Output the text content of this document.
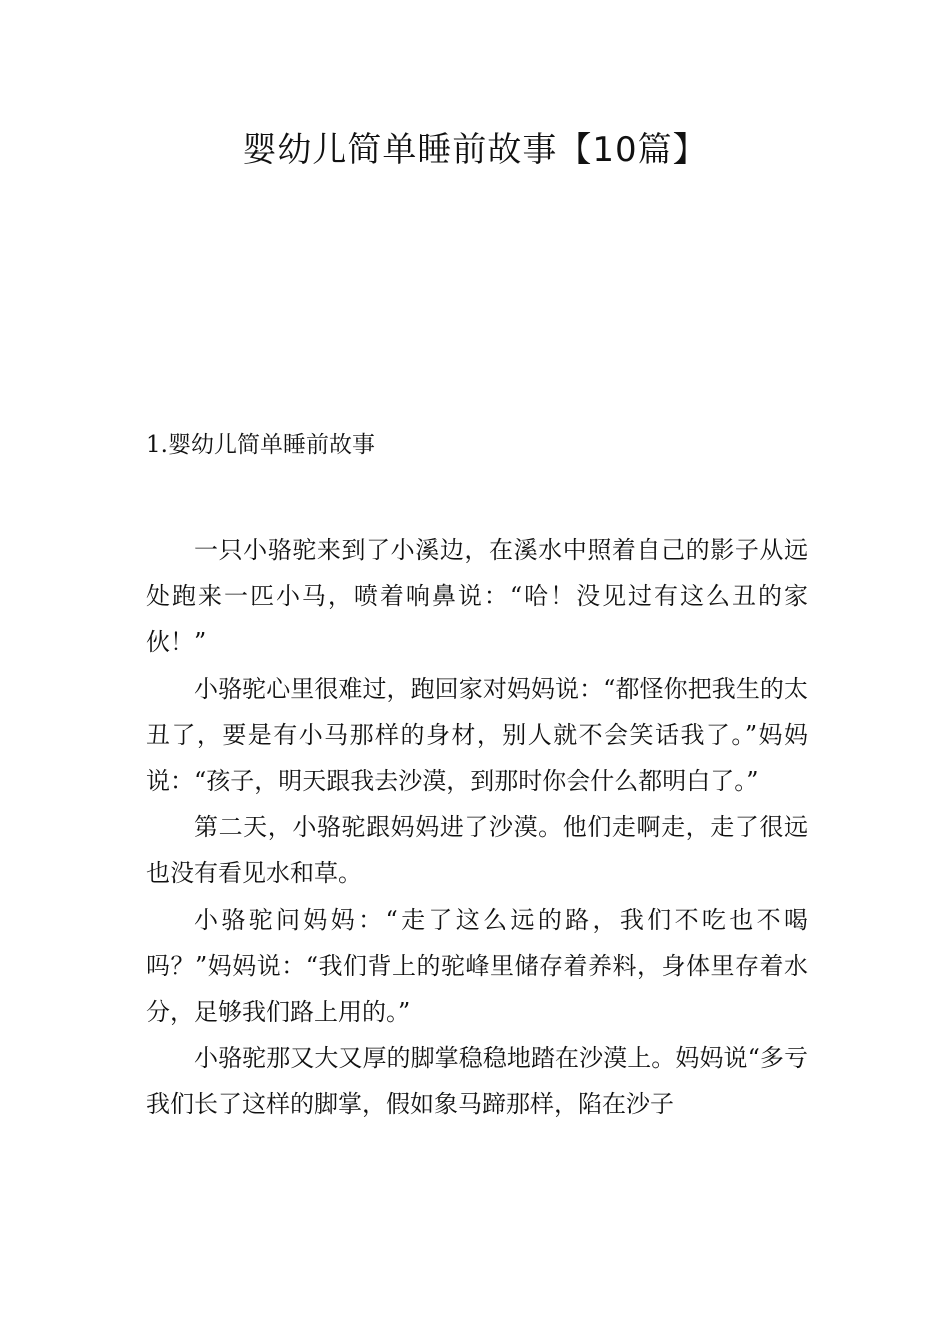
婴幼儿简单睡前故事【10篇】
1.婴幼儿简单睡前故事

一只小骆驼来到了小溪边，在溪水中照着自己的影子从远处跑来一匹小马，喷着响鼻说：“哈！没见过有这么丑的家伙！”

小骆驼心里很难过，跑回家对妈妈说：“都怪你把我生的太丑了，要是有小马那样的身材，别人就不会笑话我了。”妈妈说：“孩子，明天跟我去沙漠，到那时你会什么都明白了。”

第二天，小骆驼跟妈妈进了沙漠。他们走啊走，走了很远也没有看见水和草。

小骆驼问妈妈：“走了这么远的路，我们不吃也不喝吗？”妈妈说：“我们背上的驼峰里储存着养料，身体里存着水分，足够我们路上用的。”

小骆驼那又大又厚的脚掌稳稳地踏在沙漠上。妈妈说“多亏我们长了这样的脚掌，假如象马蹄那样，陷在沙子
